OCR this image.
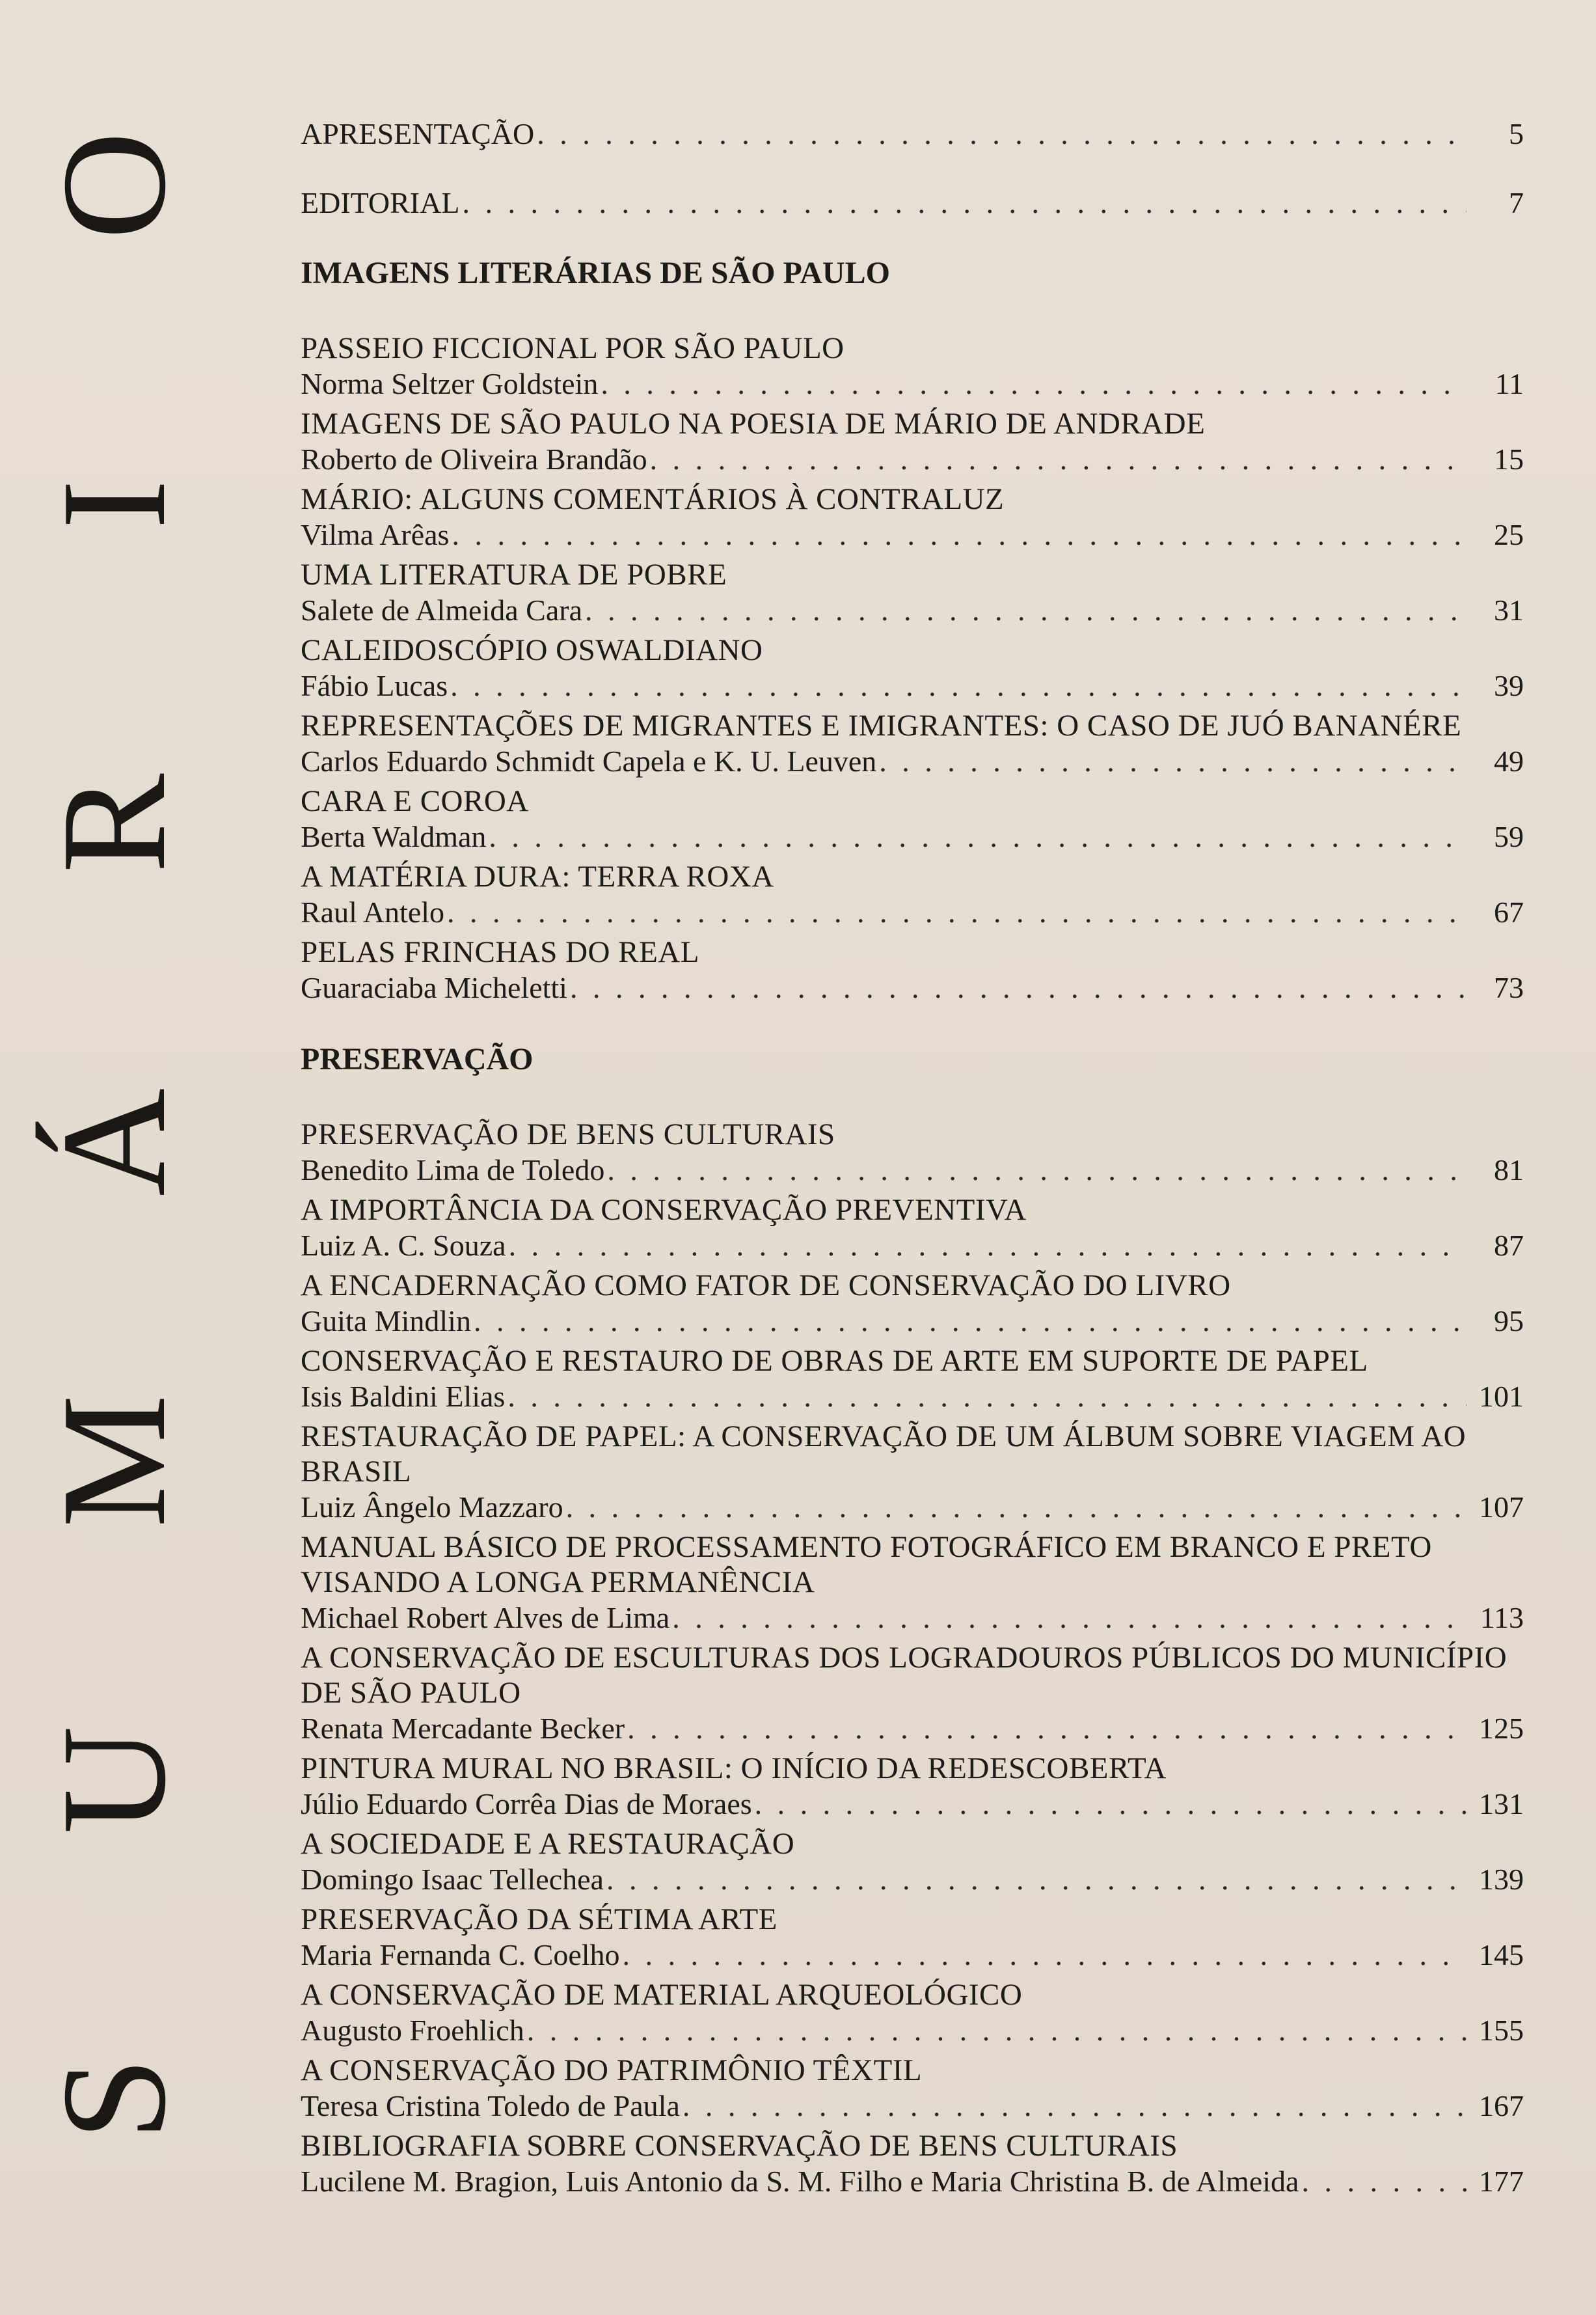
O
I
R
Á
M
U
S
APRESENTAÇÃO . . .	5
EDITORIAL . . .	7
IMAGENS LITERÁRIAS DE SÃO PAULO
PASSEIO FICCIONAL POR SÃO PAULO
Norma Seltzer Goldstein . . .	11
IMAGENS DE SÃO PAULO NA POESIA DE MÁRIO DE ANDRADE
Roberto de Oliveira Brandão . . .	15
MÁRIO: ALGUNS COMENTÁRIOS À CONTRALUZ
Vilma Arêas . . .	25
UMA LITERATURA DE POBRE
Salete de Almeida Cara . . .	31
CALEIDOSCÓPIO OSWALDIANO
Fábio Lucas . . .	39
REPRESENTAÇÕES DE MIGRANTES E IMIGRANTES: O CASO DE JUÓ BANANÉRE
Carlos Eduardo Schmidt Capela e K. U. Leuven . . .	49
CARA E COROA
Berta Waldman . . .	59
A MATÉRIA DURA: TERRA ROXA
Raul Antelo . . .	67
PELAS FRINCHAS DO REAL
Guaraciaba Micheletti . . .	73
PRESERVAÇÃO
PRESERVAÇÃO DE BENS CULTURAIS
Benedito Lima de Toledo . . .	81
A IMPORTÂNCIA DA CONSERVAÇÃO PREVENTIVA
Luiz A. C. Souza . . .	87
A ENCADERNAÇÃO COMO FATOR DE CONSERVAÇÃO DO LIVRO
Guita Mindlin . . .	95
CONSERVAÇÃO E RESTAURO DE OBRAS DE ARTE EM SUPORTE DE PAPEL
Isis Baldini Elias . . .	101
RESTAURAÇÃO DE PAPEL: A CONSERVAÇÃO DE UM ÁLBUM SOBRE VIAGEM AO BRASIL
Luiz Ângelo Mazzaro . . .	107
MANUAL BÁSICO DE PROCESSAMENTO FOTOGRÁFICO EM BRANCO E PRETO VISANDO A LONGA PERMANÊNCIA
Michael Robert Alves de Lima . . .	113
A CONSERVAÇÃO DE ESCULTURAS DOS LOGRADOUROS PÚBLICOS DO MUNICÍPIO DE SÃO PAULO
Renata Mercadante Becker . . .	125
PINTURA MURAL NO BRASIL: O INÍCIO DA REDESCOBERTA
Júlio Eduardo Corrêa Dias de Moraes . . .	131
A SOCIEDADE E A RESTAURAÇÃO
Domingo Isaac Tellechea . . .	139
PRESERVAÇÃO DA SÉTIMA ARTE
Maria Fernanda C. Coelho . . .	145
A CONSERVAÇÃO DE MATERIAL ARQUEOLÓGICO
Augusto Froehlich . . .	155
A CONSERVAÇÃO DO PATRIMÔNIO TÊXTIL
Teresa Cristina Toledo de Paula . . .	167
BIBLIOGRAFIA SOBRE CONSERVAÇÃO DE BENS CULTURAIS
Lucilene M. Bragion, Luis Antonio da S. M. Filho e Maria Christina B. de Almeida . . .	177
